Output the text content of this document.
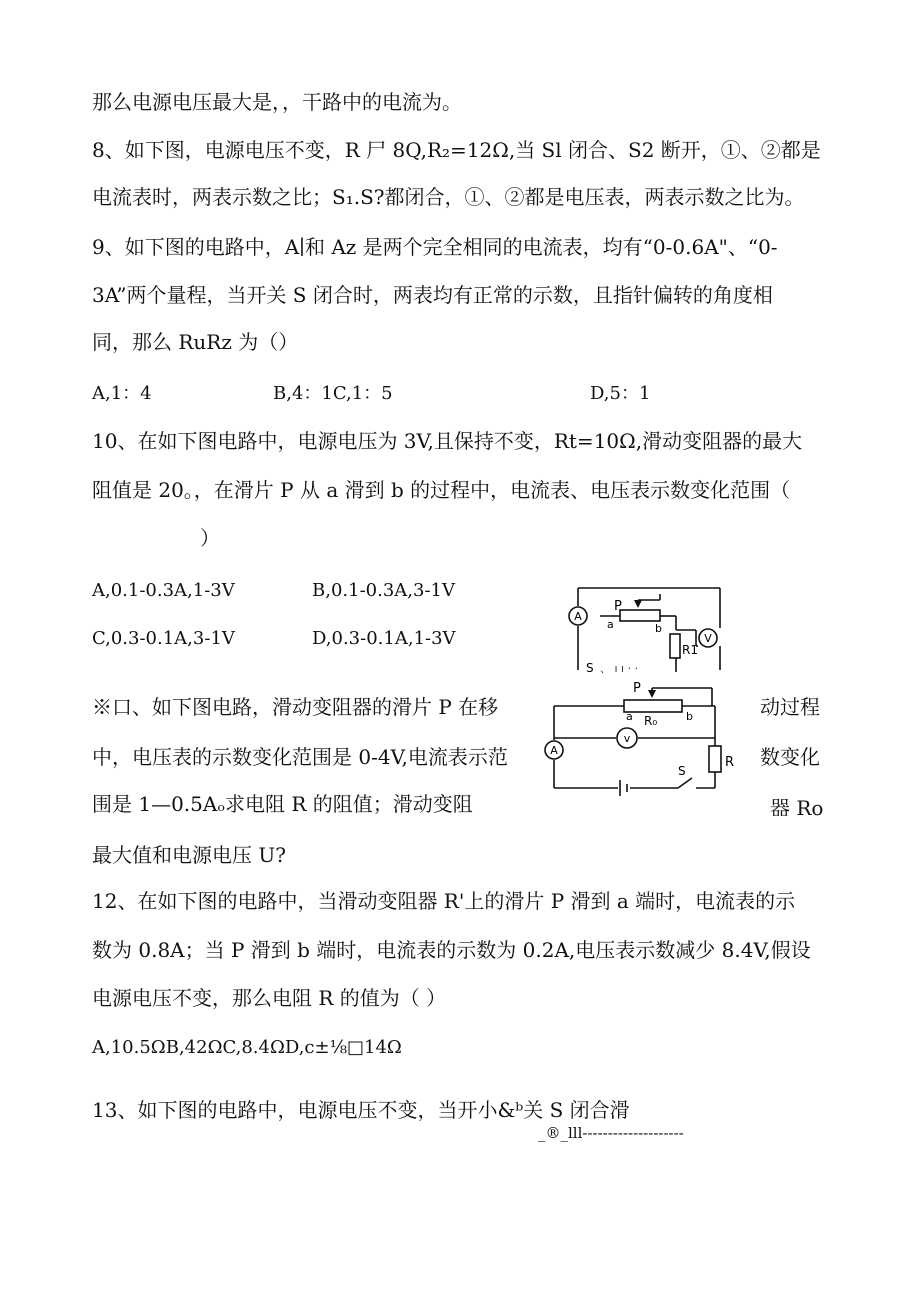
那么电源电压最大是，，干路中的电流为。
8、如下图，电源电压不变，R 尸 8Q,R₂=12Ω,当 Sl 闭合、S2 断开，①、②都是
电流表时，两表示数之比；S₁.S?都闭合，①、②都是电压表，两表示数之比为。
9、如下图的电路中，A∣和 Az 是两个完全相同的电流表，均有“0-0.6A"、“0-
3A”两个量程，当开关 S 闭合时，两表均有正常的示数，且指针偏转的角度相
同，那么 RuRz 为（）
A,1：4	B,4：1C,1：5	D,5：1
10、在如下图电路中，电源电压为 3V,且保持不变，Rt=10Ω,滑动变阻器的最大
阻值是 20。，在滑片 P 从 a 滑到 b 的过程中，电流表、电压表示数变化范围（
）
A,0.1-0.3A,1-3V	B,0.1-0.3A,3-1V
C,0.3-0.1A,3-1V	D,0.3-0.1A,1-3V
※口、如下图电路，滑动变阻器的滑片 P 在移	动过程
中，电压表的示数变化范围是 0-4V,电流表示范	数变化
围是 1—0.5Aₒ求电阻 R 的阻值；滑动变阻	器 Ro
最大值和电源电压 U?
12、在如下图的电路中，当滑动变阻器 R'上的滑片 P 滑到 a 端时，电流表的示
数为 0.8A；当 P 滑到 b 端时，电流表的示数为 0.2A,电压表示数减少 8.4V,假设
电源电压不变，那么电阻 R 的值为（ ）
A,10.5ΩB,42ΩC,8.4ΩD,c±⅛□14Ω
13、如下图的电路中，电源电压不变，当开小&ᵇ关 S 闭合滑
_®_lll--------------------
A
V
P
a	b
R1
S 、 ı ı · ·
A
v
P
a R₀	b
R
S
